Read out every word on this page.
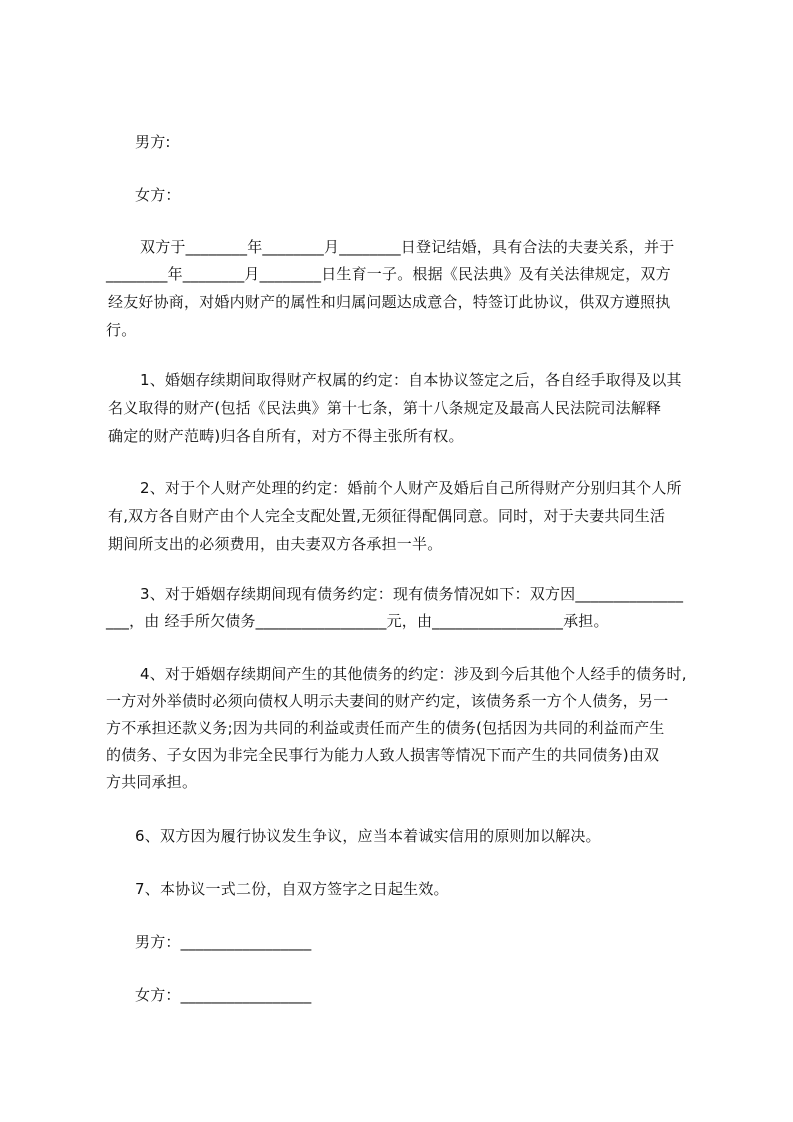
男方:
女方：
双方于________年________月________日登记结婚，具有合法的夫妻关系，并于
________年________月________日生育一子。根据《民法典》及有关法律规定，双方
经友好协商，对婚内财产的属性和归属问题达成意合，特签订此协议，供双方遵照执
行。
1、婚姻存续期间取得财产权属的约定：自本协议签定之后，各自经手取得及以其
名义取得的财产(包括《民法典》第十七条，第十八条规定及最高人民法院司法解释
确定的财产范畴)归各自所有，对方不得主张所有权。
2、对于个人财产处理的约定：婚前个人财产及婚后自己所得财产分别归其个人所
有,双方各自财产由个人完全支配处置,无须征得配偶同意。同时，对于夫妻共同生活
期间所支出的必须费用，由夫妻双方各承担一半。
3、对于婚姻存续期间现有债务约定：现有债务情况如下：双方因______________
___，由 经手所欠债务_________________元，由_________________承担。
4、对于婚姻存续期间产生的其他债务的约定：涉及到今后其他个人经手的债务时,
一方对外举债时必须向债权人明示夫妻间的财产约定，该债务系一方个人债务，另一
方不承担还款义务;因为共同的利益或责任而产生的债务(包括因为共同的利益而产生
的债务、子女因为非完全民事行为能力人致人损害等情况下而产生的共同债务)由双
方共同承担。
6、双方因为履行协议发生争议，应当本着诚实信用的原则加以解决。
7、本协议一式二份，自双方签字之日起生效。
男方：_________________
女方：_________________
